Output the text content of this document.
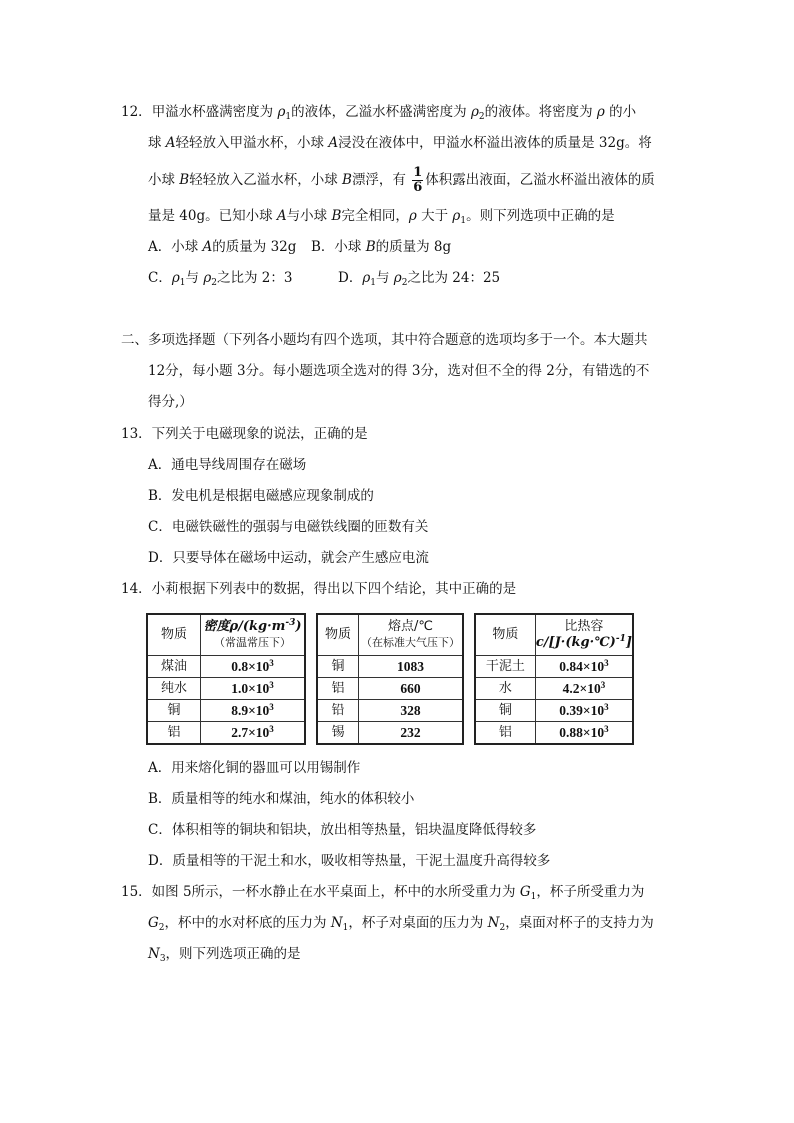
12．甲溢水杯盛满密度为 $\rho_1$的液体，乙溢水杯盛满密度为 $\rho_2$的液体。将密度为 ρ 的小
球 A轻轻放入甲溢水杯，小球 A浸没在液体中，甲溢水杯溢出液体的质量是 32g。将
小球 B轻轻放入乙溢水杯，小球 B漂浮，有 $\frac{1}{6}$ 体积露出液面，乙溢水杯溢出液体的质
量是 40g。已知小球 A与小球 B完全相同，ρ 大于 $\rho_1$。则下列选项中正确的是
A．小球 A的质量为 32g B．小球 B的质量为 8g
C．$\rho_1$与 $\rho_2$之比为 2：3	D．$\rho_1$与 $\rho_2$之比为 24：25
二、多项选择题（下列各小题均有四个选项，其中符合题意的选项均多于一个。本大题共
12分，每小题 3分。每小题选项全选对的得 3分，选对但不全的得 2分，有错选的不
得分,）
13．下列关于电磁现象的说法，正确的是
A．通电导线周围存在磁场
B．发电机是根据电磁感应现象制成的
C．电磁铁磁性的强弱与电磁铁线圈的匝数有关
D．只要导体在磁场中运动，就会产生感应电流
14．小莉根据下列表中的数据，得出以下四个结论，其中正确的是
物质	密度$\rho/(kg\cdot m^{-3})$
（常温常压下）

煤油	$0.8\times 10^3$
纯水	$1.0\times 10^3$
铜	$8.9\times 10^3$
铝	$2.7\times 10^3$
物质	熔点/℃
（在标准大气压下）

铜	1083
铝	660
铅	328
锡	232
物质	比热容
c/[J·(kg·℃)$^{-1}$]

干泥土	$0.84\times 10^3$
水	$4.2\times 10^3$
铜	$0.39\times 10^3$
铝	$0.88\times 10^3$
A．用来熔化铜的器皿可以用锡制作
B．质量相等的纯水和煤油，纯水的体积较小
C．体积相等的铜块和铝块，放出相等热量，铝块温度降低得较多
D．质量相等的干泥土和水，吸收相等热量，干泥土温度升高得较多
15．如图 5所示，一杯水静止在水平桌面上，杯中的水所受重力为 $G_1$，杯子所受重力为
$G_2$，杯中的水对杯底的压力为 $N_1$，杯子对桌面的压力为 $N_2$，桌面对杯子的支持力为
$N_3$，则下列选项正确的是
